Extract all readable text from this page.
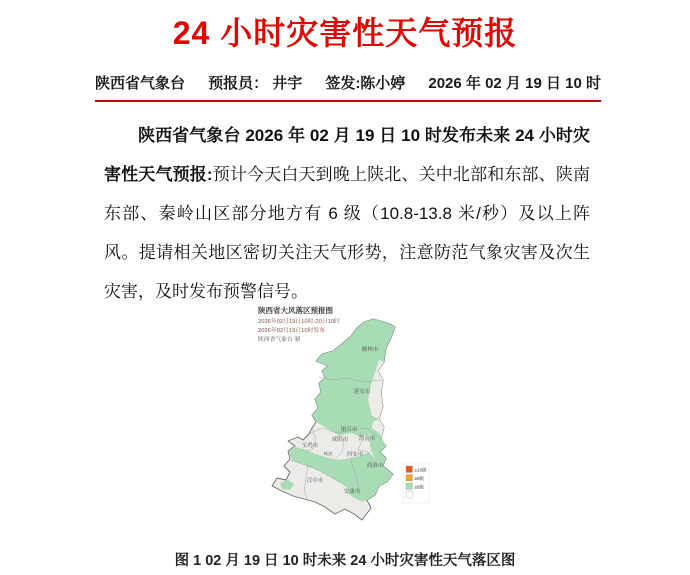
24 小时灾害性天气预报
陕西省气象台 预报员： 井宇 签发:陈小婷 2026 年 02 月 19 日 10 时

陕西省气象台 2026 年 02 月 19 日 10 时发布未来 24 小时灾害性天气预报:预计今天白天到晚上陕北、关中北部和东部、陕南东部、秦岭山区部分地方有 6 级（10.8-13.8 米/秒）及以上阵风。提请相关地区密切关注天气形势，注意防范气象灾害及次生灾害，及时发布预警信号。

陕西省大风落区预报图
2026年02月19日10时-20日10时
2026年02月19日10时发布
陕西省气象台 制
榆林市
延安市
铜川市
咸阳市 渭南市
宝鸡市
杨凌	西安市
商洛市
汉中市
安康市
≥10级
≥8级
≥6级
图 1 02 月 19 日 10 时未来 24 小时灾害性天气落区图
